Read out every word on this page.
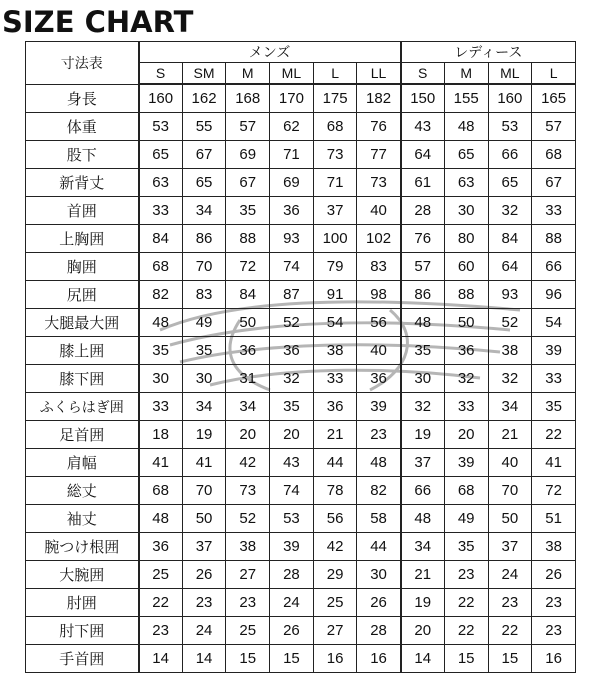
SIZE CHART
寸法表	メンズ						レディース			
	S	SM	M	ML	L	LL	S	M	ML	L
身長	160	162	168	170	175	182	150	155	160	165
体重	53	55	57	62	68	76	43	48	53	57
股下	65	67	69	71	73	77	64	65	66	68
新背丈	63	65	67	69	71	73	61	63	65	67
首囲	33	34	35	36	37	40	28	30	32	33
上胸囲	84	86	88	93	100	102	76	80	84	88
胸囲	68	70	72	74	79	83	57	60	64	66
尻囲	82	83	84	87	91	98	86	88	93	96
大腿最大囲	48	49	50	52	54	56	48	50	52	54
膝上囲	35	35	36	36	38	40	35	36	38	39
膝下囲	30	30	31	32	33	36	30	32	32	33
ふくらはぎ囲	33	34	34	35	36	39	32	33	34	35
足首囲	18	19	20	20	21	23	19	20	21	22
肩幅	41	41	42	43	44	48	37	39	40	41
総丈	68	70	73	74	78	82	66	68	70	72
袖丈	48	50	52	53	56	58	48	49	50	51
腕つけ根囲	36	37	38	39	42	44	34	35	37	38
大腕囲	25	26	27	28	29	30	21	23	24	26
肘囲	22	23	23	24	25	26	19	22	23	23
肘下囲	23	24	25	26	27	28	20	22	22	23
手首囲	14	14	15	15	16	16	14	15	15	16
